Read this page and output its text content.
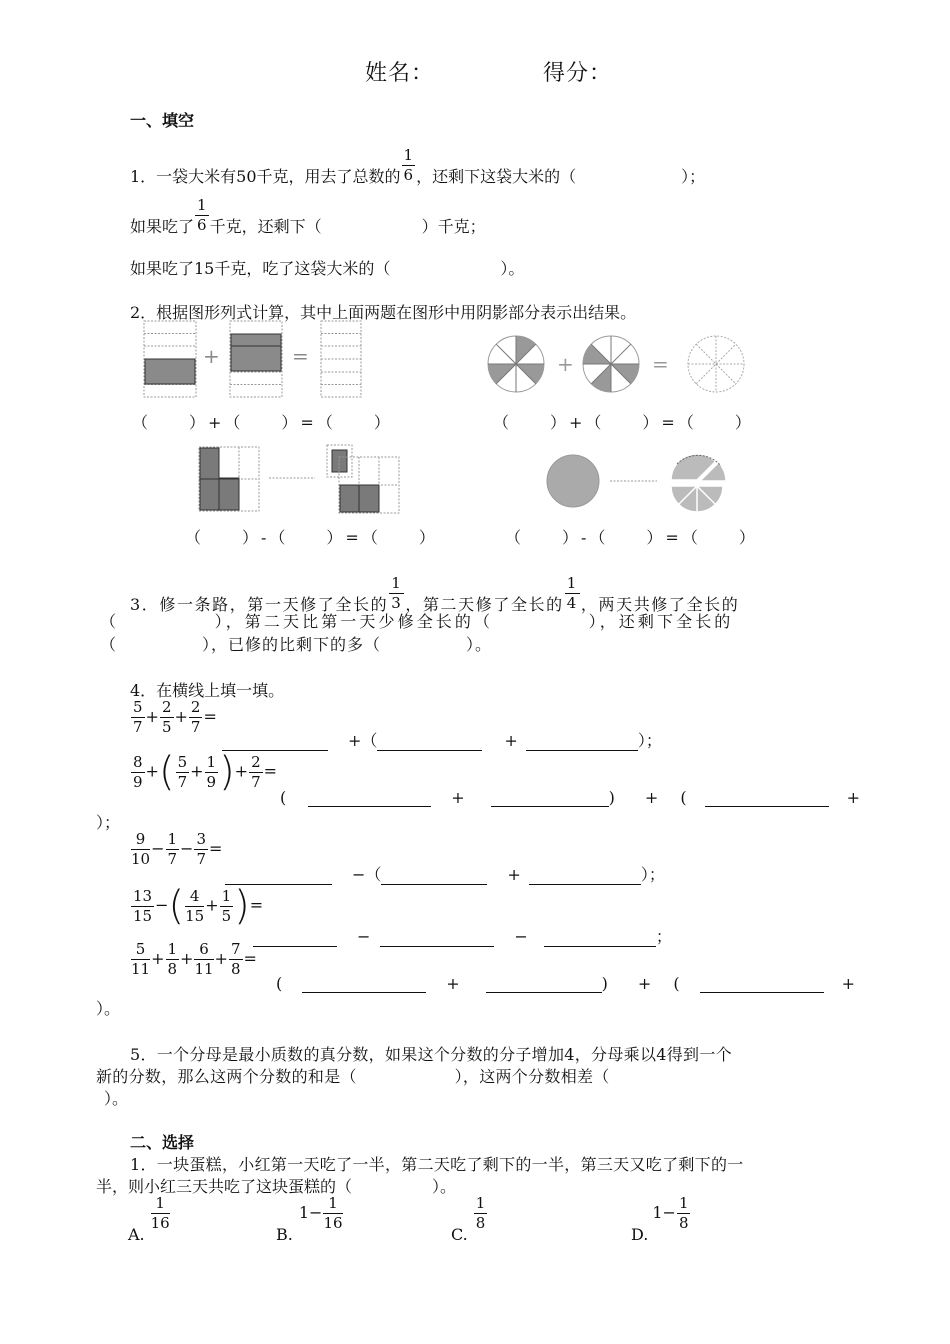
姓名：	得分：
一、填空
1．一袋大米有50千克，用去了总数的 $\frac{1}{6}$ ，还剩下这袋大米的（	）；
如果吃了 $\frac{1}{6}$ 千克，还剩下（	）千克；
如果吃了15千克，吃了这袋大米的（	）。
2．根据图形列式计算，其中上面两题在图形中用阴影部分表示出结果。
+	=	+	=
（　　）+（　　）=（　　）	（　　）+（　　）=（　　）
（　　）-（　　）=（　　）	（　　）-（　　）=（　　）
3．修一条路，第一天修了全长的 $\frac{1}{3}$ ，第二天修了全长的 $\frac{1}{4}$ ，两天共修了全长的
（　　　　　），第二天比第一天少修全长的（　　　　　），还剩下全长的
（　　　　　），已修的比剩下的多（　　　　　）。
4．在横线上填一填。
$\frac{5}{7} + \frac{2}{5} + \frac{2}{7}$ =
+（	+	）；
$\frac{8}{9}$ +( $\frac{5}{7} + \frac{1}{9}$ )+ $\frac{2}{7}$ =
(	+	) + (	+
）；
$\frac{9}{10} - \frac{1}{7} - \frac{3}{7}$ =
−（	+	）；
$\frac{13}{15}$ −( $\frac{4}{15} + \frac{1}{5}$ )=
−	−	；
$\frac{5}{11} + \frac{1}{8} + \frac{6}{11} + \frac{7}{8}$ =
(	+	) + (	+
）。
5．一个分母是最小质数的真分数，如果这个分数的分子增加4，分母乘以4得到一个
新的分数，那么这两个分数的和是（　　　　　　），这两个分数相差（
）。
二、选择
1．一块蛋糕，小红第一天吃了一半，第二天吃了剩下的一半，第三天又吃了剩下的一
半，则小红三天共吃了这块蛋糕的（　　　　　）。
A.
$\frac{1}{16}$
$B.1- \frac{1}{16}$
C.
$\frac{1}{8}$
$D.1- \frac{1}{8}$
